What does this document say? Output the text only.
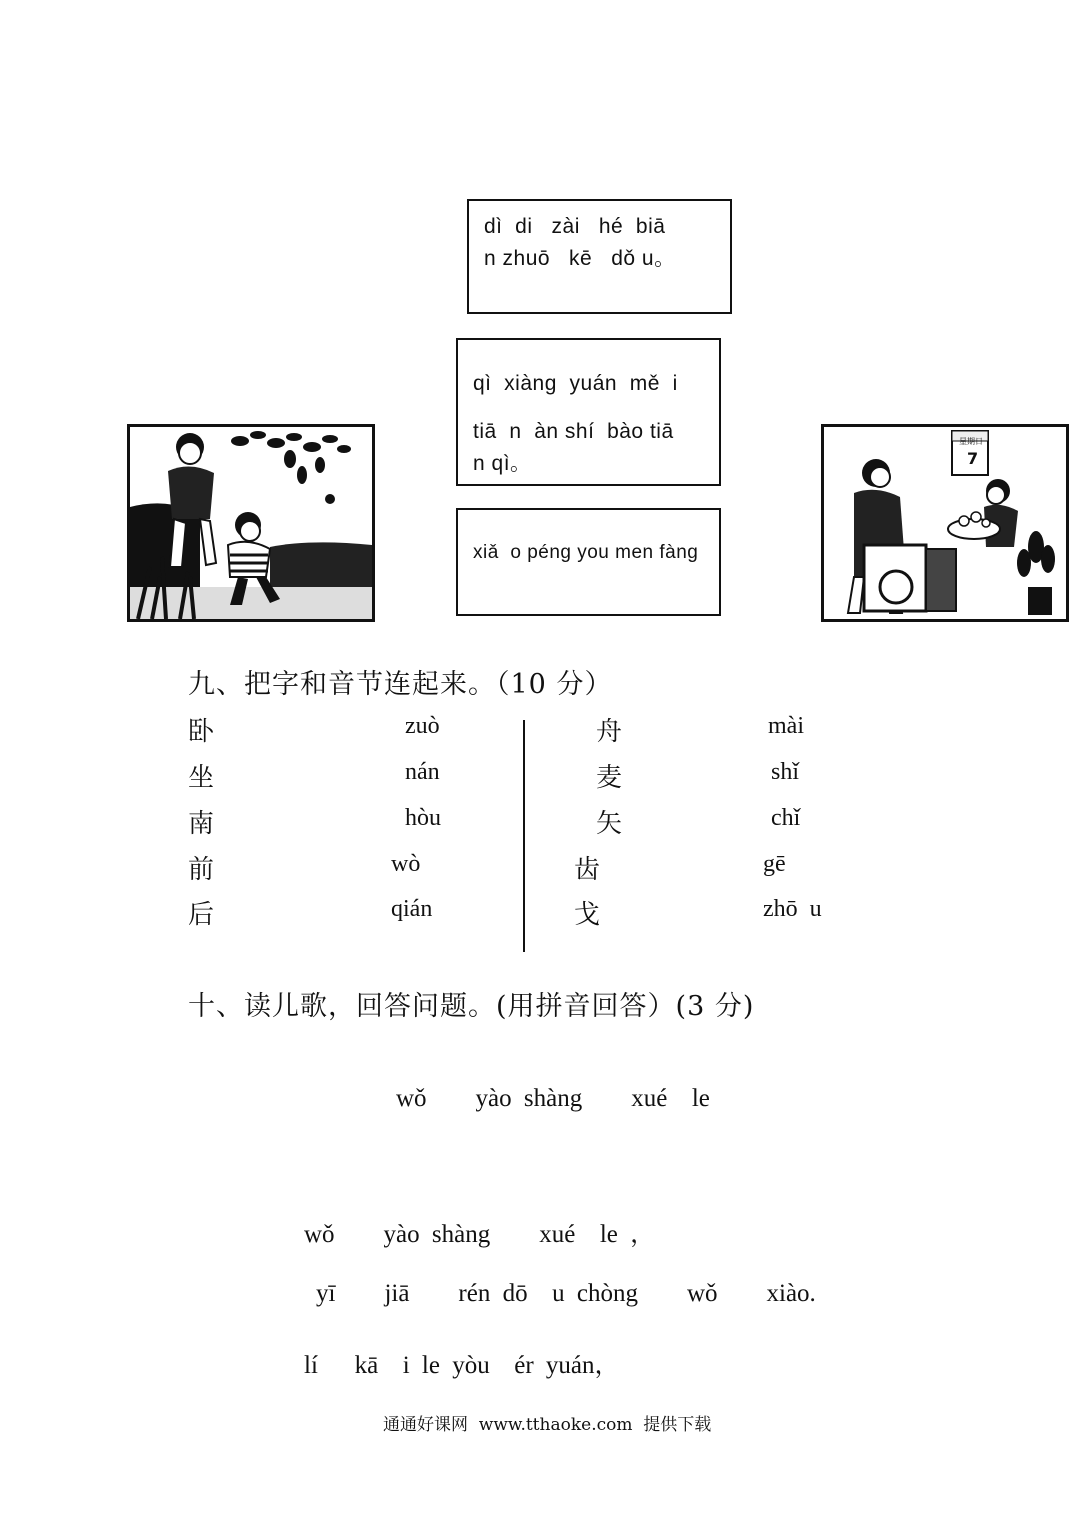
dì  di   zài   hé  biā
n zhuō   kē   dǒ u。
qì  xiànɡ  yuán  mě  i
tiā  n  àn shí  bào tiā
n qì。
xiǎ  o pénɡ you men fànɡ
星期日
7
九、把字和音节连起来。（10 分）
卧
坐
南
前
后
zuò
nán
hòu
wò
qián
舟
麦
矢
齿
戈
mài
shǐ
chǐ
gē
zhō  u
十、读儿歌，回答问题。(用拼音回答）(3 分)
wǒ    yào shàng    xué  le
wǒ    yào shàng    xué  le ，
yī    jiā    rén dō  u chòng    wǒ    xiào.
lí   kā  i le yòu  ér yuán，
通通好课网  www.tthaoke.com  提供下载
